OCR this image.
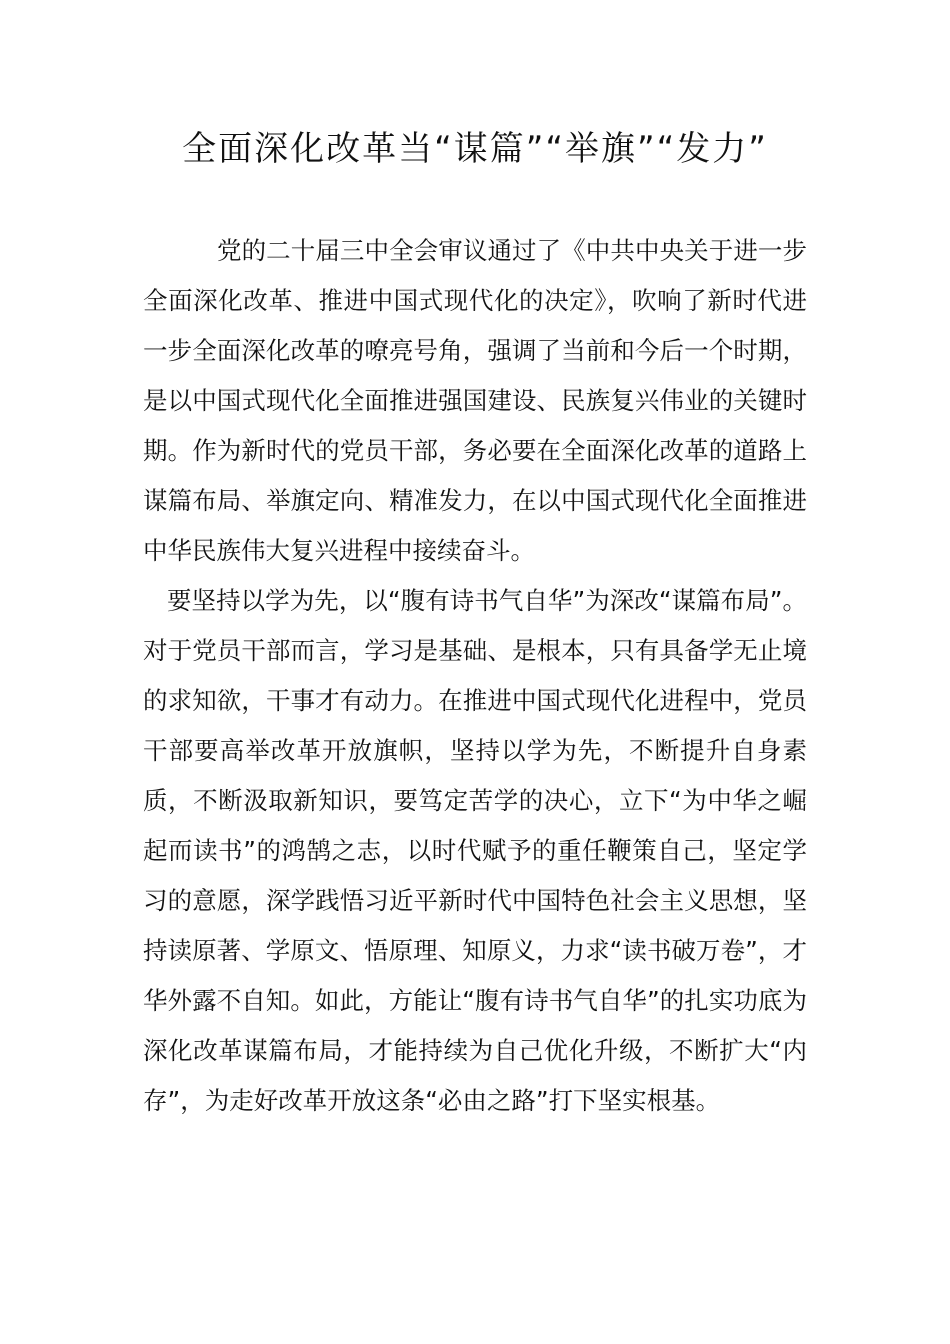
全面深化改革当“谋篇”“举旗”“发力”

党的二十届三中全会审议通过了《中共中央关于进一步全面深化改革、推进中国式现代化的决定》，吹响了新时代进一步全面深化改革的嘹亮号角，强调了当前和今后一个时期，是以中国式现代化全面推进强国建设、民族复兴伟业的关键时期。作为新时代的党员干部，务必要在全面深化改革的道路上谋篇布局、举旗定向、精准发力，在以中国式现代化全面推进中华民族伟大复兴进程中接续奋斗。

要坚持以学为先，以“腹有诗书气自华”为深改“谋篇布局”。对于党员干部而言，学习是基础、是根本，只有具备学无止境的求知欲，干事才有动力。在推进中国式现代化进程中，党员干部要高举改革开放旗帜，坚持以学为先，不断提升自身素质，不断汲取新知识，要笃定苦学的决心，立下“为中华之崛起而读书”的鸿鹄之志，以时代赋予的重任鞭策自己，坚定学习的意愿，深学践悟习近平新时代中国特色社会主义思想，坚持读原著、学原文、悟原理、知原义，力求“读书破万卷”，才华外露不自知。如此，方能让“腹有诗书气自华”的扎实功底为深化改革谋篇布局，才能持续为自己优化升级，不断扩大“内存”，为走好改革开放这条“必由之路”打下坚实根基。
